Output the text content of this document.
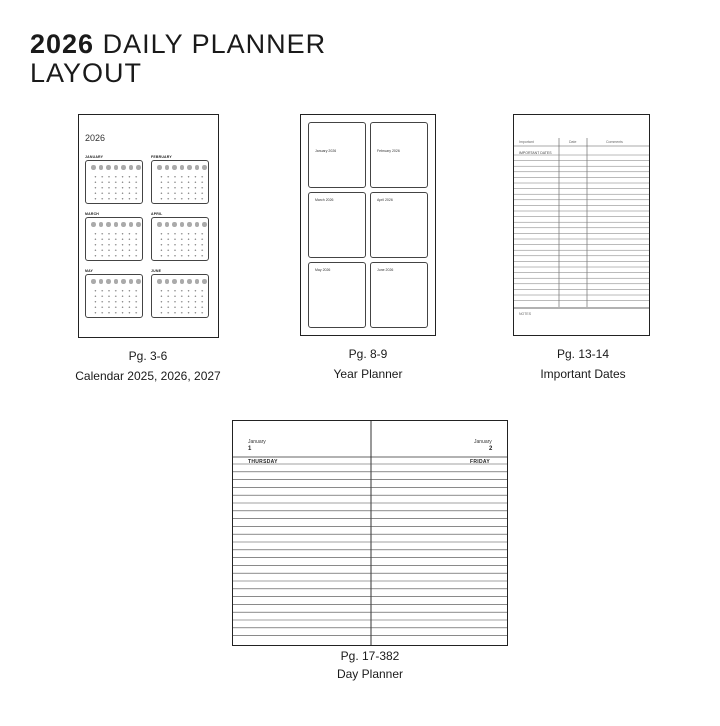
2026 DAILY PLANNER
LAYOUT
2026
JANUARY	FEBRUARY
MARCH	APRIL
MAY	JUNE
Pg. 3-6
Calendar 2025, 2026, 2027
January 2026	February 2026
March 2026	April 2026
May 2026	June 2026
Pg. 8-9
Year Planner
Important	Date	Comments
IMPORTANT DATES
NOTES
Pg. 13-14
Important Dates
January
1
THURSDAY
January
2
FRIDAY
Pg. 17-382
Day Planner
